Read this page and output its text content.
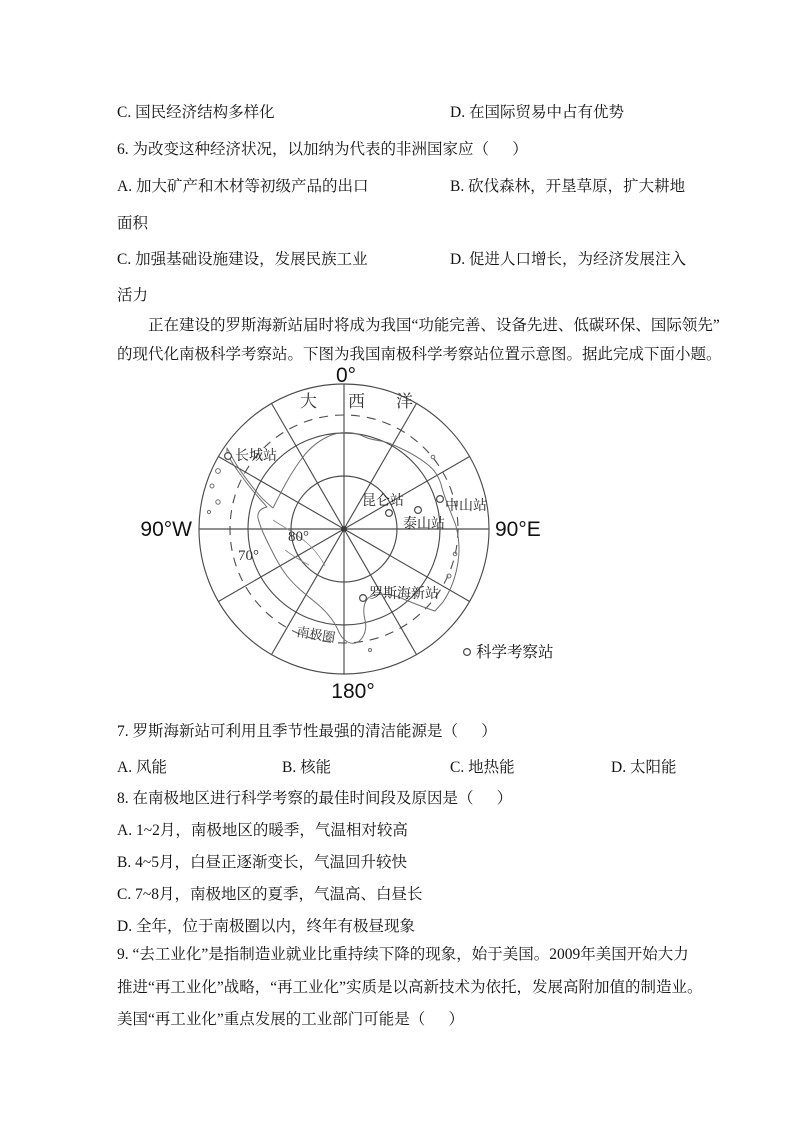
C. 国民经济结构多样化

	D. 在国际贸易中占有优势

6. 为改变这种经济状况，以加纳为代表的非洲国家应（      ）

A. 加大矿产和木材等初级产品的出口

	B. 砍伐森林，开垦草原，扩大耕地

面积

C. 加强基础设施建设，发展民族工业

	D. 促进人口增长，为经济发展注入

活力
正在建设的罗斯海新站届时将成为我国“功能完善、设备先进、低碳环保、国际领先”
的现代化南极科学考察站。下图为我国南极科学考察站位置示意图。据此完成下面小题。
0°
180°
90°W	90°E
大西洋
80°
70°
南极圈
长城站
昆仑站
泰山站
中山站
罗斯海新站
科学考察站
7. 罗斯海新站可利用且季节性最强的清洁能源是（      ）

A. 风能

	B. 核能

	C. 地热能

	D. 太阳能

8. 在南极地区进行科学考察的最佳时间段及原因是（      ）
A. 1~2月，南极地区的暖季，气温相对较高
B. 4~5月，白昼正逐渐变长，气温回升较快
C. 7~8月，南极地区的夏季，气温高、白昼长
D. 全年，位于南极圈以内，终年有极昼现象
9. “去工业化”是指制造业就业比重持续下降的现象，始于美国。2009年美国开始大力
推进“再工业化”战略，“再工业化”实质是以高新技术为依托，发展高附加值的制造业。
美国“再工业化”重点发展的工业部门可能是（      ）
